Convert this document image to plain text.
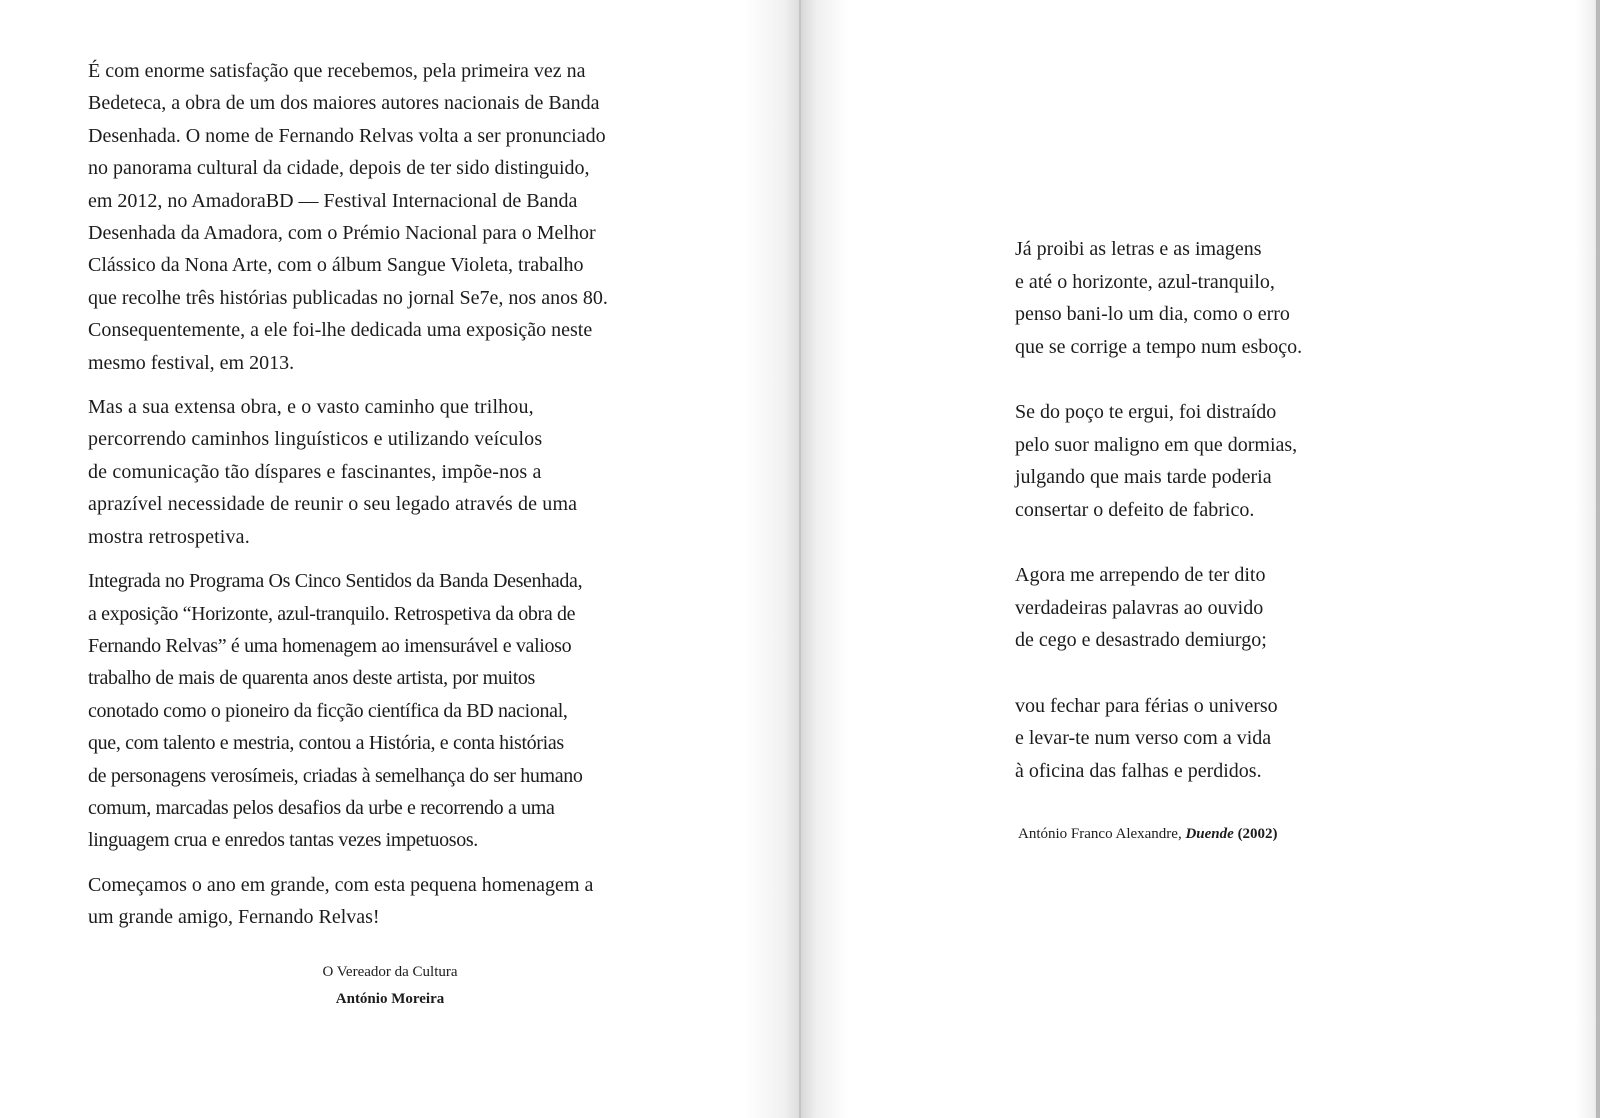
É com enorme satisfação que recebemos, pela primeira vez na
Bedeteca, a obra de um dos maiores autores nacionais de Banda
Desenhada. O nome de Fernando Relvas volta a ser pronunciado
no panorama cultural da cidade, depois de ter sido distinguido,
em 2012, no AmadoraBD — Festival Internacional de Banda
Desenhada da Amadora, com o Prémio Nacional para o Melhor
Clássico da Nona Arte, com o álbum Sangue Violeta, trabalho
que recolhe três histórias publicadas no jornal Se7e, nos anos 80.
Consequentemente, a ele foi-lhe dedicada uma exposição neste
mesmo festival, em 2013.

Mas a sua extensa obra, e o vasto caminho que trilhou,
percorrendo caminhos linguísticos e utilizando veículos
de comunicação tão díspares e fascinantes, impõe-nos a
aprazível necessidade de reunir o seu legado através de uma
mostra retrospetiva.

Integrada no Programa Os Cinco Sentidos da Banda Desenhada,
a exposição “Horizonte, azul-tranquilo. Retrospetiva da obra de
Fernando Relvas” é uma homenagem ao imensurável e valioso
trabalho de mais de quarenta anos deste artista, por muitos
conotado como o pioneiro da ficção científica da BD nacional,
que, com talento e mestria, contou a História, e conta histórias
de personagens verosímeis, criadas à semelhança do ser humano
comum, marcadas pelos desafios da urbe e recorrendo a uma
linguagem crua e enredos tantas vezes impetuosos.

Começamos o ano em grande, com esta pequena homenagem a
um grande amigo, Fernando Relvas!

O Vereador da Cultura
António Moreira
Já proibi as letras e as imagens
e até o horizonte, azul-tranquilo,
penso bani-lo um dia, como o erro
que se corrige a tempo num esboço.
Se do poço te ergui, foi distraído
pelo suor maligno em que dormias,
julgando que mais tarde poderia
consertar o defeito de fabrico.
Agora me arrependo de ter dito
verdadeiras palavras ao ouvido
de cego e desastrado demiurgo;
vou fechar para férias o universo
e levar-te num verso com a vida
à oficina das falhas e perdidos.
António Franco Alexandre, Duende (2002)
